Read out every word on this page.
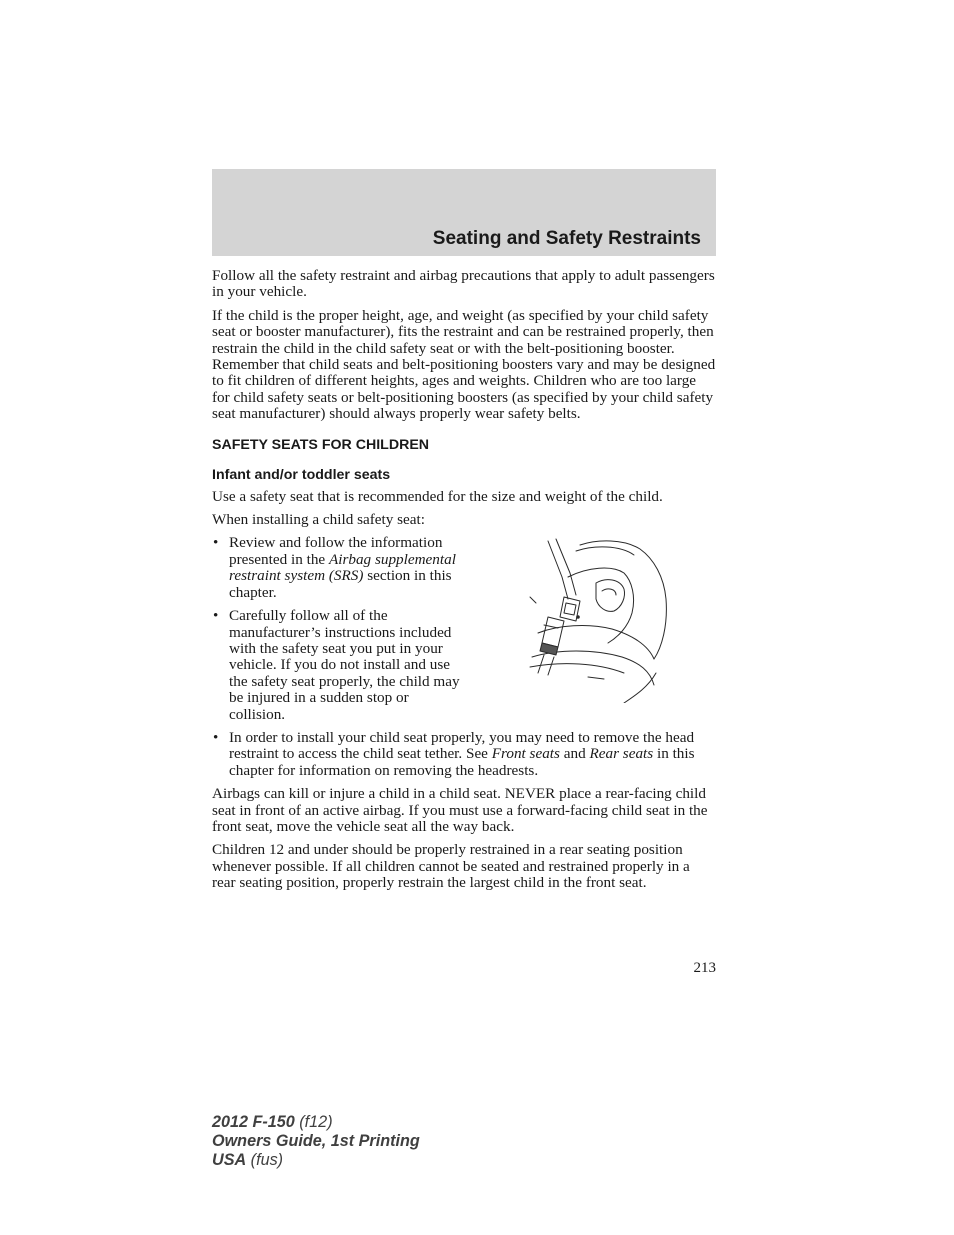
Seating and Safety Restraints

Follow all the safety restraint and airbag precautions that apply to adult passengers in your vehicle.

If the child is the proper height, age, and weight (as specified by your child safety seat or booster manufacturer), fits the restraint and can be restrained properly, then restrain the child in the child safety seat or with the belt-positioning booster. Remember that child seats and belt-positioning boosters vary and may be designed to fit children of different heights, ages and weights. Children who are too large for child safety seats or belt-positioning boosters (as specified by your child safety seat manufacturer) should always properly wear safety belts.

SAFETY SEATS FOR CHILDREN
Infant and/or toddler seats

Use a safety seat that is recommended for the size and weight of the child.

When installing a child safety seat:

• Review and follow the information presented in the Airbag supplemental restraint system (SRS) section in this chapter.
• Carefully follow all of the manufacturer’s instructions included with the safety seat you put in your vehicle. If you do not install and use the safety seat properly, the child may be injured in a sudden stop or collision.
• In order to install your child seat properly, you may need to remove the head restraint to access the child seat tether. See Front seats and Rear seats in this chapter for information on removing the headrests.

Airbags can kill or injure a child in a child seat. NEVER place a rear-facing child seat in front of an active airbag. If you must use a forward-facing child seat in the front seat, move the vehicle seat all the way back.

Children 12 and under should be properly restrained in a rear seating position whenever possible. If all children cannot be seated and restrained properly in a rear seating position, properly restrain the largest child in the front seat.

213
2012 F-150 (f12)
Owners Guide, 1st Printing
USA (fus)
